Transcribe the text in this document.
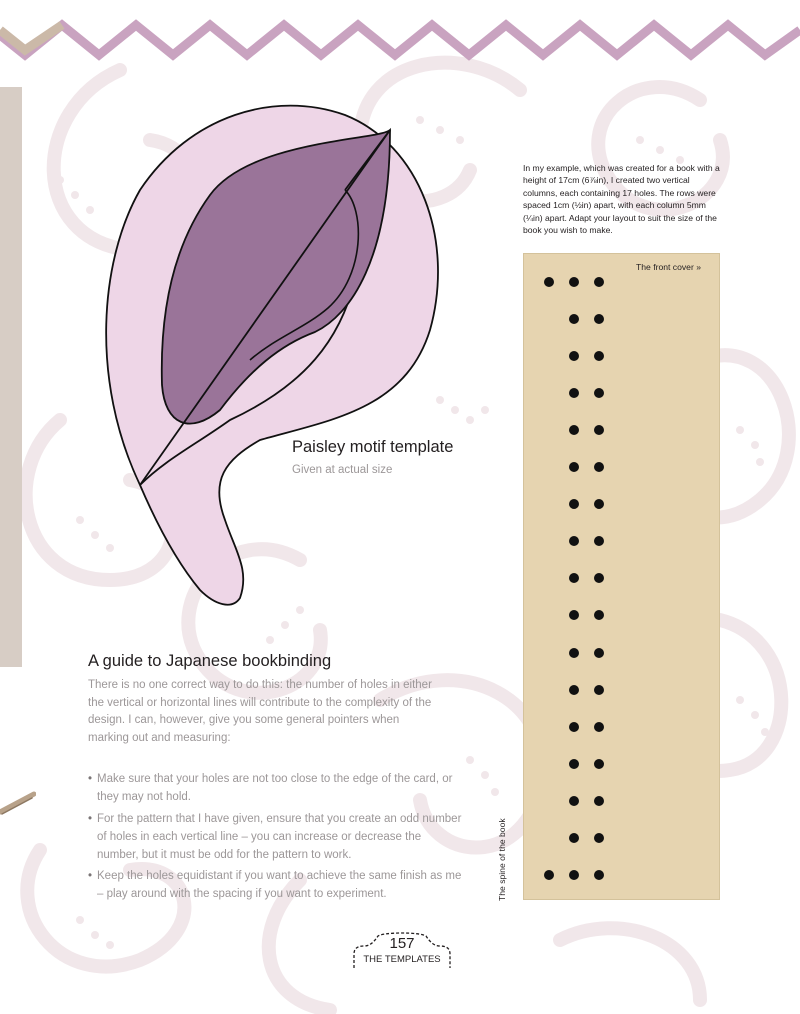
Paisley motif template

Given at actual size

A guide to Japanese bookbinding

There is no one correct way to do this: the number of holes in either the vertical or horizontal lines will contribute to the complexity of the design. I can, however, give you some general pointers when marking out and measuring:

• Make sure that your holes are not too close to the edge of the card, or they may not hold.
• For the pattern that I have given, ensure that you create an odd number of holes in each vertical line – you can increase or decrease the number, but it must be odd for the pattern to work.
• Keep the holes equidistant if you want to achieve the same finish as me – play around with the spacing if you want to experiment.

In my example, which was created for a book with a height of 17cm (6⅞in), I created two vertical columns, each containing 17 holes. The rows were spaced 1cm (½in) apart, with each column 5mm (¼in) apart. Adapt your layout to suit the size of the book you wish to make.

The front cover »
The spine of the book
157
THE TEMPLATES
